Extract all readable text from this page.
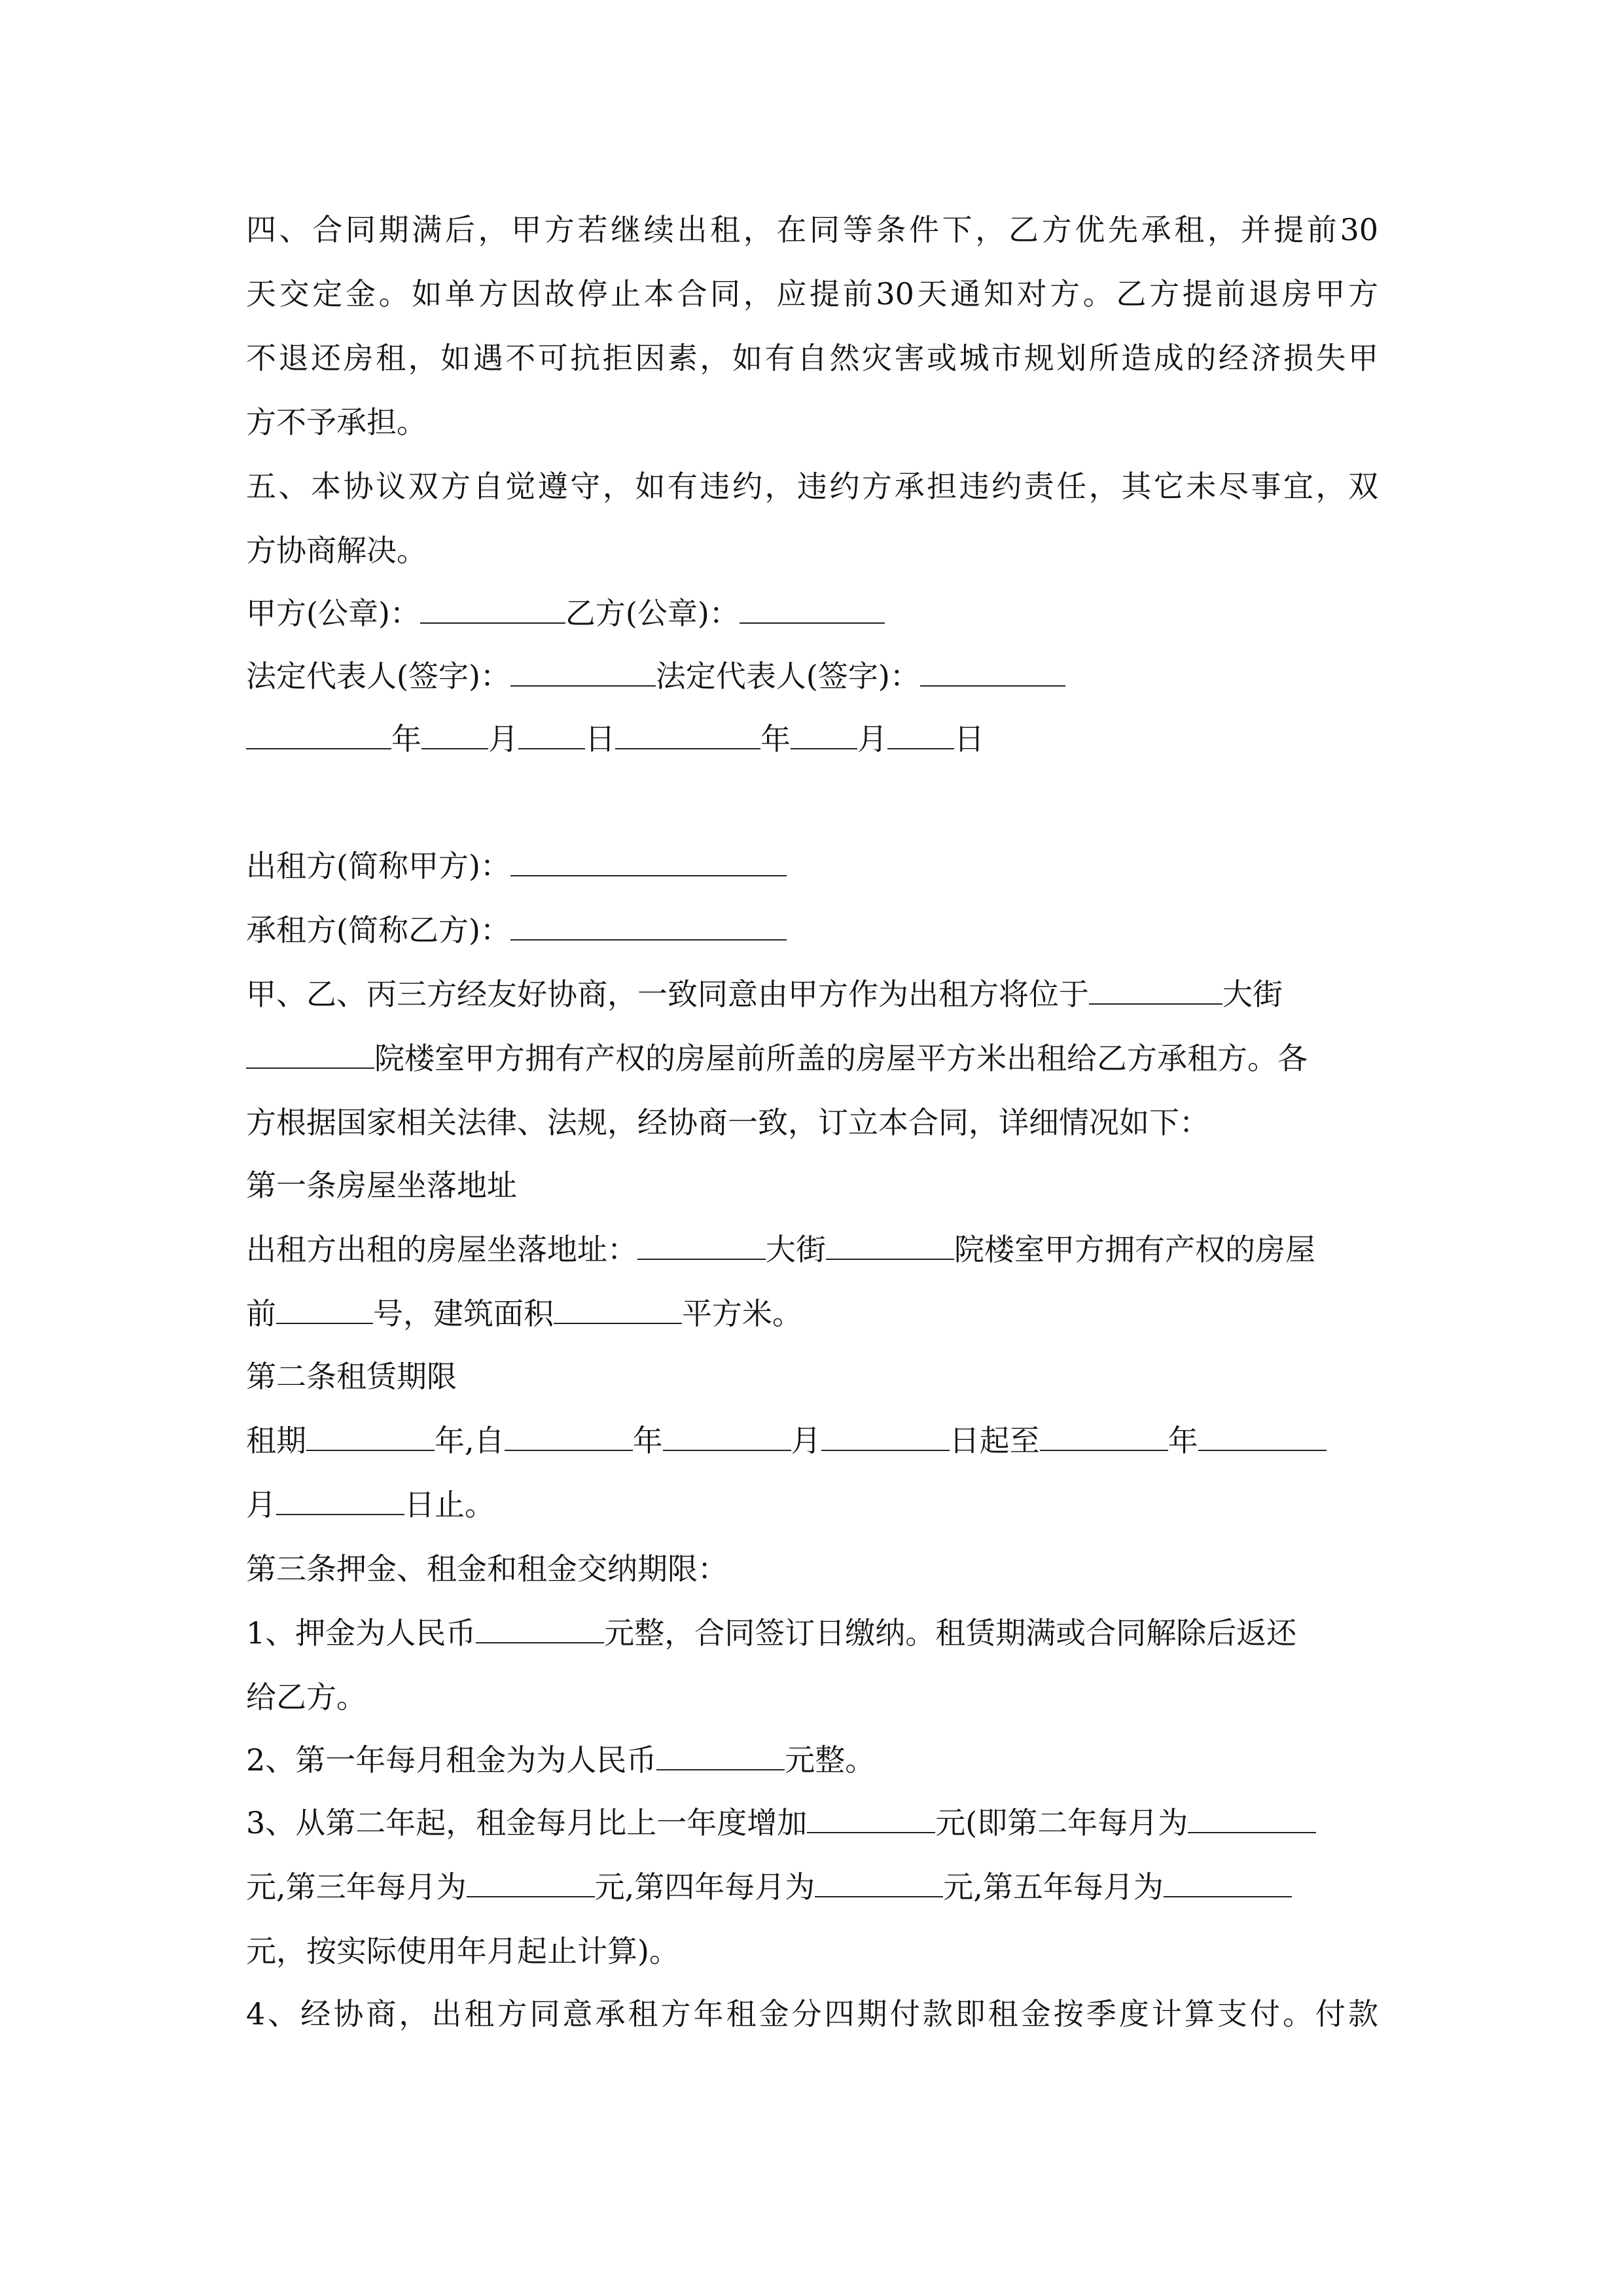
四、合同期满后，甲方若继续出租，在同等条件下，乙方优先承租，并提前30
天交定金。如单方因故停止本合同，应提前30天通知对方。乙方提前退房甲方
不退还房租，如遇不可抗拒因素，如有自然灾害或城市规划所造成的经济损失甲
方不予承担。
五、本协议双方自觉遵守，如有违约，违约方承担违约责任，其它未尽事宜，双
方协商解决。
甲方(公章)：	乙方(公章)：
法定代表人(签字)：	法定代表人(签字)：
年 月 日	年 月 日
出租方(简称甲方)：
承租方(简称乙方)：
甲、乙、丙三方经友好协商，一致同意由甲方作为出租方将位于	大街
院楼室甲方拥有产权的房屋前所盖的房屋平方米出租给乙方承租方。各
方根据国家相关法律、法规，经协商一致，订立本合同，详细情况如下：
第一条房屋坐落地址
出租方出租的房屋坐落地址：	大街	院楼室甲方拥有产权的房屋
前	号，建筑面积	平方米。
第二条租赁期限
租期	年,自	年	月	日起至	年
月	日止。
第三条押金、租金和租金交纳期限：
1、押金为人民币	元整，合同签订日缴纳。租赁期满或合同解除后返还
给乙方。
2、第一年每月租金为为人民币	元整。
3、从第二年起，租金每月比上一年度增加	元(即第二年每月为
元,第三年每月为	元,第四年每月为	元,第五年每月为
元，按实际使用年月起止计算)。
4、经协商，出租方同意承租方年租金分四期付款即租金按季度计算支付。付款
